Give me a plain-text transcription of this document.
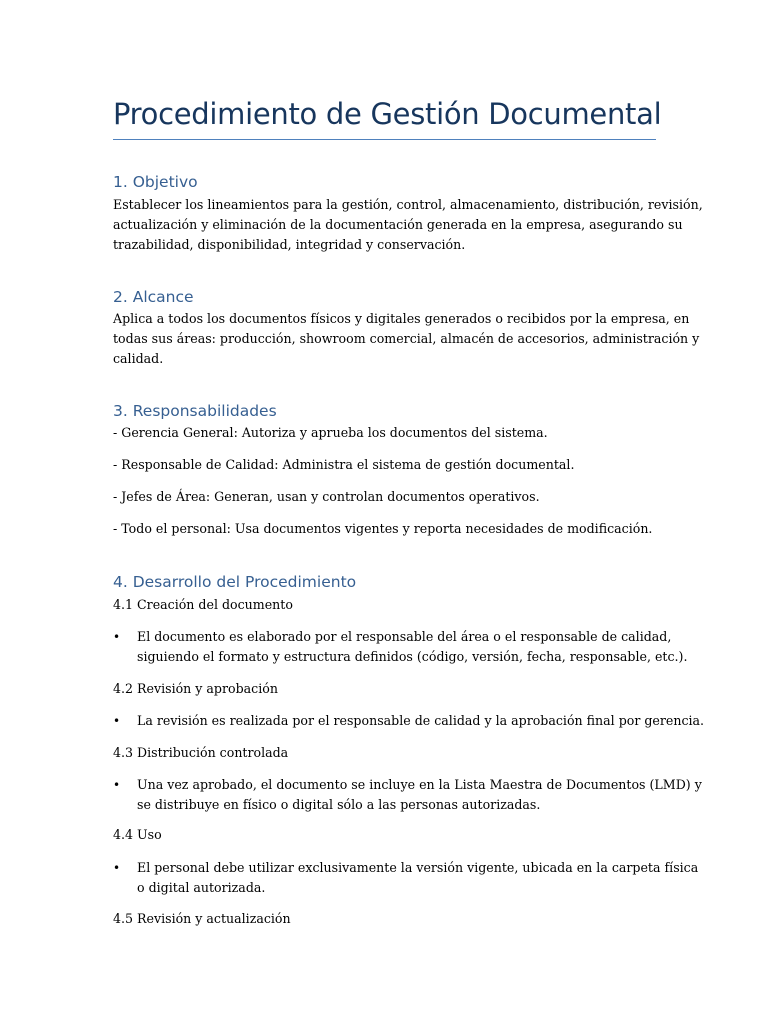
Procedimiento de Gestión Documental
1. Objetivo
Establecer los lineamientos para la gestión, control, almacenamiento, distribución, revisión,
actualización y eliminación de la documentación generada en la empresa, asegurando su
trazabilidad, disponibilidad, integridad y conservación.
2. Alcance
Aplica a todos los documentos físicos y digitales generados o recibidos por la empresa, en
todas sus áreas: producción, showroom comercial, almacén de accesorios, administración y
calidad.
3. Responsabilidades
- Gerencia General: Autoriza y aprueba los documentos del sistema.
- Responsable de Calidad: Administra el sistema de gestión documental.
- Jefes de Área: Generan, usan y controlan documentos operativos.
- Todo el personal: Usa documentos vigentes y reporta necesidades de modificación.
4. Desarrollo del Procedimiento
4.1 Creación del documento
• El documento es elaborado por el responsable del área o el responsable de calidad,
siguiendo el formato y estructura definidos (código, versión, fecha, responsable, etc.).
4.2 Revisión y aprobación
• La revisión es realizada por el responsable de calidad y la aprobación final por gerencia.
4.3 Distribución controlada
• Una vez aprobado, el documento se incluye en la Lista Maestra de Documentos (LMD) y
se distribuye en físico o digital sólo a las personas autorizadas.
4.4 Uso
• El personal debe utilizar exclusivamente la versión vigente, ubicada en la carpeta física
o digital autorizada.
4.5 Revisión y actualización
